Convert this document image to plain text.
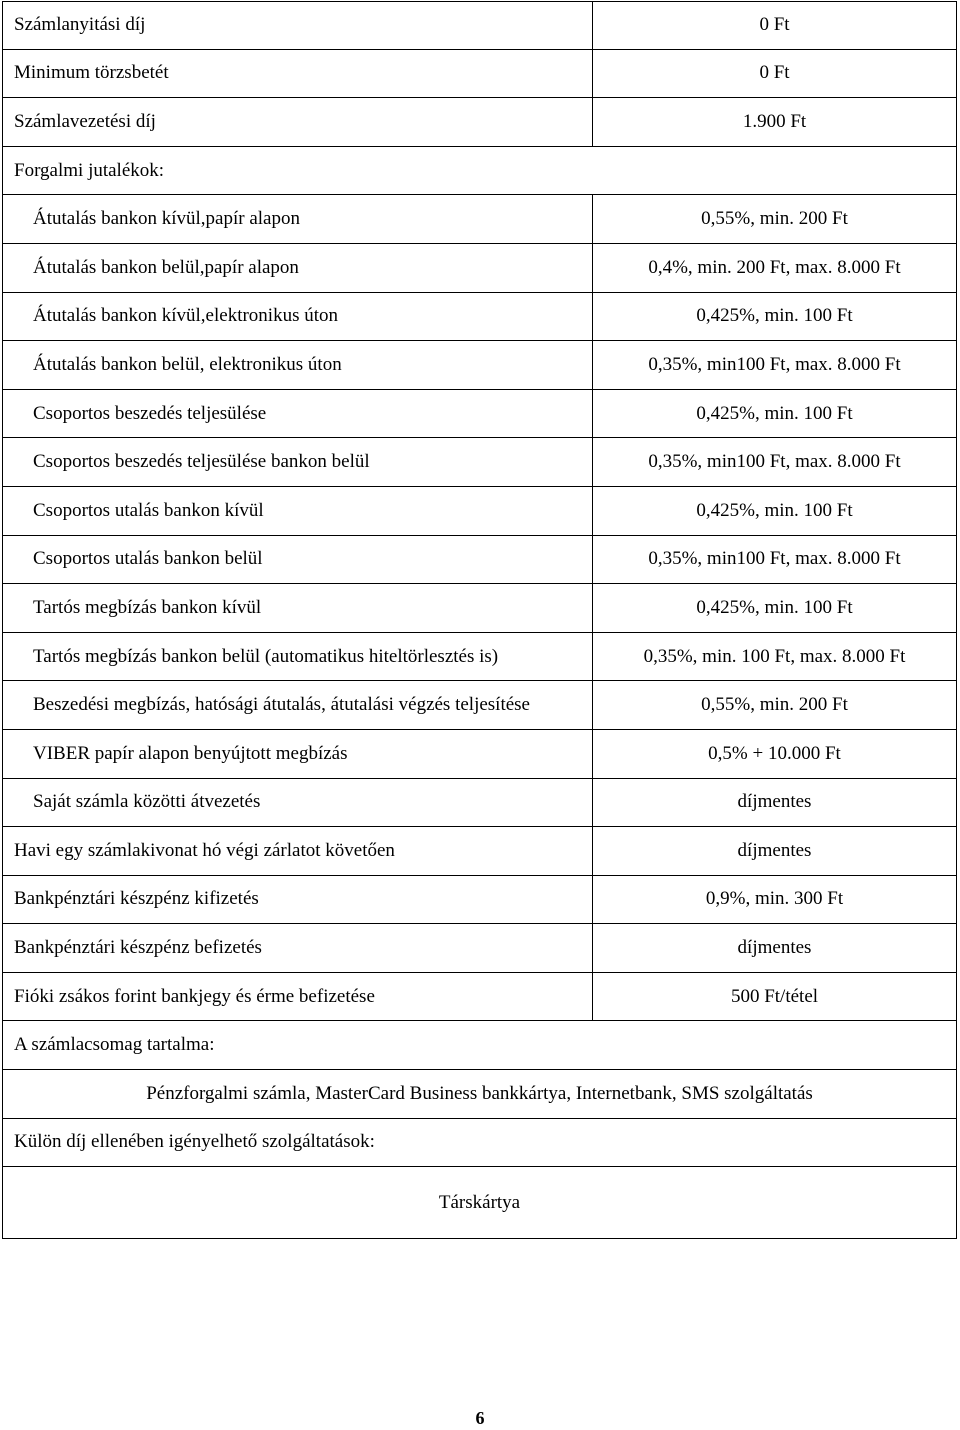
Számlanyitási díj	0 Ft
Minimum törzsbetét	0 Ft
Számlavezetési díj	1.900 Ft
Forgalmi jutalékok:
Átutalás bankon kívül,papír alapon	0,55%, min. 200 Ft
Átutalás bankon belül,papír alapon	0,4%, min. 200 Ft, max. 8.000 Ft
Átutalás bankon kívül,elektronikus úton	0,425%, min. 100 Ft
Átutalás bankon belül, elektronikus úton	0,35%, min100 Ft, max. 8.000 Ft
Csoportos beszedés teljesülése	0,425%, min. 100 Ft
Csoportos beszedés teljesülése bankon belül	0,35%, min100 Ft, max. 8.000 Ft
Csoportos utalás bankon kívül	0,425%, min. 100 Ft
Csoportos utalás bankon belül	0,35%, min100 Ft, max. 8.000 Ft
Tartós megbízás bankon kívül	0,425%, min. 100 Ft
Tartós megbízás bankon belül (automatikus hiteltörlesztés is)	0,35%, min. 100 Ft, max. 8.000 Ft
Beszedési megbízás, hatósági átutalás, átutalási végzés teljesítése	0,55%, min. 200 Ft
VIBER papír alapon benyújtott megbízás	0,5% + 10.000 Ft
Saját számla közötti átvezetés	díjmentes
Havi egy számlakivonat hó végi zárlatot követően	díjmentes
Bankpénztári készpénz kifizetés	0,9%, min. 300 Ft
Bankpénztári készpénz befizetés	díjmentes
Fióki zsákos forint bankjegy és érme befizetése	500 Ft/tétel
A számlacsomag tartalma:
Pénzforgalmi számla, MasterCard Business bankkártya, Internetbank, SMS szolgáltatás
Külön díj ellenében igényelhető szolgáltatások:
Társkártya
6
